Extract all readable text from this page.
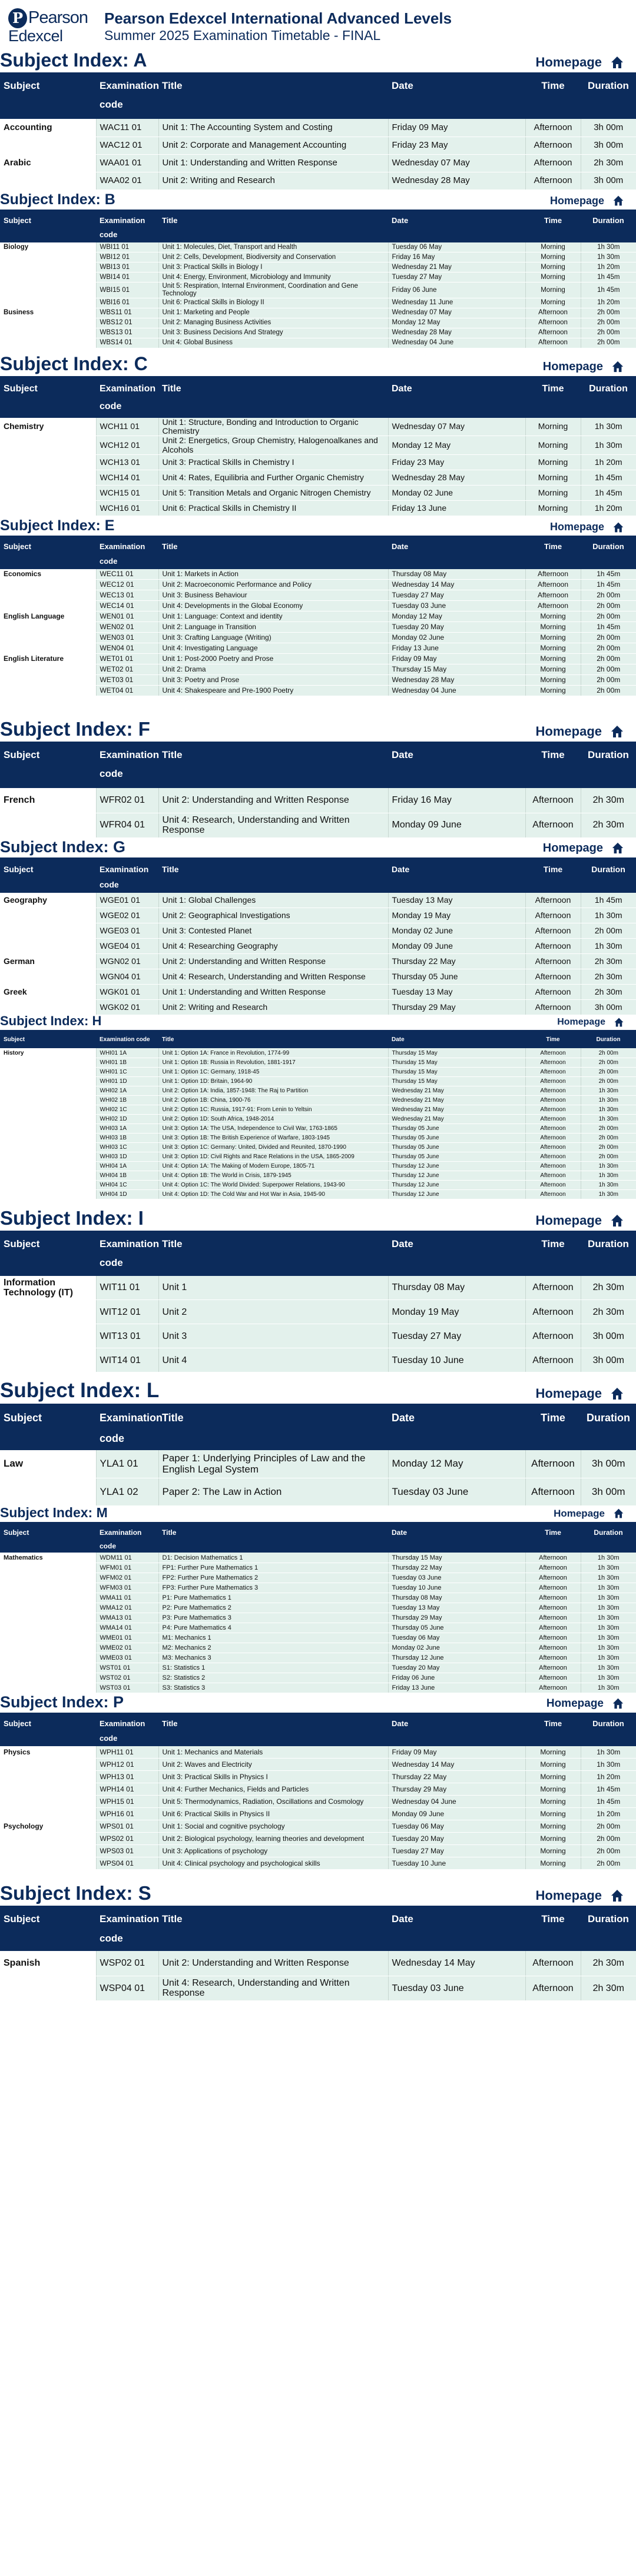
P Pearson
Edexcel
Pearson Edexcel International Advanced Levels
Summer 2025 Examination Timetable - FINAL
Subject Index: A	Homepage
Subject	Examination code	Title	Date	Time	Duration
Accounting	WAC11 01	Unit 1: The Accounting System and Costing	Friday 09 May	Afternoon	3h 00m
	WAC12 01	Unit 2: Corporate and Management Accounting	Friday 23 May	Afternoon	3h 00m
Arabic	WAA01 01	Unit 1: Understanding and Written Response	Wednesday 07 May	Afternoon	2h 30m
	WAA02 01	Unit 2: Writing and Research	Wednesday 28 May	Afternoon	3h 00m
Subject Index: B	Homepage
Subject	Examination code	Title	Date	Time	Duration
Biology	WBI11 01	Unit 1: Molecules, Diet, Transport and Health	Tuesday 06 May	Morning	1h 30m
	WBI12 01	Unit 2: Cells, Development, Biodiversity and Conservation	Friday 16 May	Morning	1h 30m
	WBI13 01	Unit 3: Practical Skills in Biology I	Wednesday 21 May	Morning	1h 20m
	WBI14 01	Unit 4: Energy, Environment, Microbiology and Immunity	Tuesday 27 May	Morning	1h 45m
	WBI15 01	Unit 5: Respiration, Internal Environment, Coordination and Gene Technology	Friday 06 June	Morning	1h 45m
	WBI16 01	Unit 6: Practical Skills in Biology II	Wednesday 11 June	Morning	1h 20m
Business	WBS11 01	Unit 1: Marketing and People	Wednesday 07 May	Afternoon	2h 00m
	WBS12 01	Unit 2: Managing Business Activities	Monday 12 May	Afternoon	2h 00m
	WBS13 01	Unit 3: Business Decisions And Strategy	Wednesday 28 May	Afternoon	2h 00m
	WBS14 01	Unit 4: Global Business	Wednesday 04 June	Afternoon	2h 00m
Subject Index: C	Homepage
Subject	Examination code	Title	Date	Time	Duration
Chemistry	WCH11 01	Unit 1: Structure, Bonding and Introduction to Organic Chemistry	Wednesday 07 May	Morning	1h 30m
	WCH12 01	Unit 2: Energetics, Group Chemistry, Halogenoalkanes and Alcohols	Monday 12 May	Morning	1h 30m
	WCH13 01	Unit 3: Practical Skills in Chemistry I	Friday 23 May	Morning	1h 20m
	WCH14 01	Unit 4: Rates, Equilibria and Further Organic Chemistry	Wednesday 28 May	Morning	1h 45m
	WCH15 01	Unit 5: Transition Metals and Organic Nitrogen Chemistry	Monday 02 June	Morning	1h 45m
	WCH16 01	Unit 6: Practical Skills in Chemistry II	Friday 13 June	Morning	1h 20m
Subject Index: E	Homepage
Subject	Examination code	Title	Date	Time	Duration
Economics	WEC11 01	Unit 1: Markets in Action	Thursday 08 May	Afternoon	1h 45m
	WEC12 01	Unit 2: Macroeconomic Performance and Policy	Wednesday 14 May	Afternoon	1h 45m
	WEC13 01	Unit 3: Business Behaviour	Tuesday 27 May	Afternoon	2h 00m
	WEC14 01	Unit 4: Developments in the Global Economy	Tuesday 03 June	Afternoon	2h 00m
English Language	WEN01 01	Unit 1: Language: Context and identity	Monday 12 May	Morning	2h 00m
	WEN02 01	Unit 2: Language in Transition	Tuesday 20 May	Morning	1h 45m
	WEN03 01	Unit 3: Crafting Language (Writing)	Monday 02 June	Morning	2h 00m
	WEN04 01	Unit 4: Investigating Language	Friday 13 June	Morning	2h 00m
English Literature	WET01 01	Unit 1: Post-2000 Poetry and Prose	Friday 09 May	Morning	2h 00m
	WET02 01	Unit 2: Drama	Thursday 15 May	Morning	2h 00m
	WET03 01	Unit 3: Poetry and Prose	Wednesday 28 May	Morning	2h 00m
	WET04 01	Unit 4: Shakespeare and Pre-1900 Poetry	Wednesday 04 June	Morning	2h 00m
Subject Index: F	Homepage
Subject	Examination code	Title	Date	Time	Duration
French	WFR02 01	Unit 2: Understanding and Written Response	Friday 16 May	Afternoon	2h 30m
	WFR04 01	Unit 4: Research, Understanding and Written Response	Monday 09 June	Afternoon	2h 30m
Subject Index: G	Homepage
Subject	Examination code	Title	Date	Time	Duration
Geography	WGE01 01	Unit 1: Global Challenges	Tuesday 13 May	Afternoon	1h 45m
	WGE02 01	Unit 2: Geographical Investigations	Monday 19 May	Afternoon	1h 30m
	WGE03 01	Unit 3: Contested Planet	Monday 02 June	Afternoon	2h 00m
	WGE04 01	Unit 4: Researching Geography	Monday 09 June	Afternoon	1h 30m
German	WGN02 01	Unit 2: Understanding and Written Response	Thursday 22 May	Afternoon	2h 30m
	WGN04 01	Unit 4: Research, Understanding and Written Response	Thursday 05 June	Afternoon	2h 30m
Greek	WGK01 01	Unit 1: Understanding and Written Response	Tuesday 13 May	Afternoon	2h 30m
	WGK02 01	Unit 2: Writing and Research	Thursday 29 May	Afternoon	3h 00m
Subject Index: H	Homepage
Subject	Examination code	Title	Date	Time	Duration
History	WHI01 1A	Unit 1: Option 1A: France in Revolution, 1774-99	Thursday 15 May	Afternoon	2h 00m
	WHI01 1B	Unit 1: Option 1B: Russia in Revolution, 1881-1917	Thursday 15 May	Afternoon	2h 00m
	WHI01 1C	Unit 1: Option 1C: Germany, 1918-45	Thursday 15 May	Afternoon	2h 00m
	WHI01 1D	Unit 1: Option 1D: Britain, 1964-90	Thursday 15 May	Afternoon	2h 00m
	WHI02 1A	Unit 2: Option 1A: India, 1857-1948: The Raj to Partition	Wednesday 21 May	Afternoon	1h 30m
	WHI02 1B	Unit 2: Option 1B: China, 1900-76	Wednesday 21 May	Afternoon	1h 30m
	WHI02 1C	Unit 2: Option 1C: Russia, 1917-91: From Lenin to Yeltsin	Wednesday 21 May	Afternoon	1h 30m
	WHI02 1D	Unit 2: Option 1D: South Africa, 1948-2014	Wednesday 21 May	Afternoon	1h 30m
	WHI03 1A	Unit 3: Option 1A: The USA, Independence to Civil War, 1763-1865	Thursday 05 June	Afternoon	2h 00m
	WHI03 1B	Unit 3: Option 1B: The British Experience of Warfare, 1803-1945	Thursday 05 June	Afternoon	2h 00m
	WHI03 1C	Unit 3: Option 1C: Germany: United, Divided and Reunited, 1870-1990	Thursday 05 June	Afternoon	2h 00m
	WHI03 1D	Unit 3: Option 1D: Civil Rights and Race Relations in the USA, 1865-2009	Thursday 05 June	Afternoon	2h 00m
	WHI04 1A	Unit 4: Option 1A: The Making of Modern Europe, 1805-71	Thursday 12 June	Afternoon	1h 30m
	WHI04 1B	Unit 4: Option 1B: The World in Crisis, 1879-1945	Thursday 12 June	Afternoon	1h 30m
	WHI04 1C	Unit 4: Option 1C: The World Divided: Superpower Relations, 1943-90	Thursday 12 June	Afternoon	1h 30m
	WHI04 1D	Unit 4: Option 1D: The Cold War and Hot War in Asia, 1945-90	Thursday 12 June	Afternoon	1h 30m
Subject Index: I	Homepage
Subject	Examination code	Title	Date	Time	Duration
Information Technology (IT)	WIT11 01	Unit 1	Thursday 08 May	Afternoon	2h 30m
	WIT12 01	Unit 2	Monday 19 May	Afternoon	2h 30m
	WIT13 01	Unit 3	Tuesday 27 May	Afternoon	3h 00m
	WIT14 01	Unit 4	Tuesday 10 June	Afternoon	3h 00m
Subject Index: L	Homepage
Subject	Examination code	Title	Date	Time	Duration
Law	YLA1 01	Paper 1: Underlying Principles of Law and the English Legal System	Monday 12 May	Afternoon	3h 00m
	YLA1 02	Paper 2: The Law in Action	Tuesday 03 June	Afternoon	3h 00m
Subject Index: M	Homepage
Subject	Examination code	Title	Date	Time	Duration
Mathematics	WDM11 01	D1: Decision Mathematics 1	Thursday 15 May	Afternoon	1h 30m
	WFM01 01	FP1: Further Pure Mathematics 1	Thursday 22 May	Afternoon	1h 30m
	WFM02 01	FP2: Further Pure Mathematics 2	Tuesday 03 June	Afternoon	1h 30m
	WFM03 01	FP3: Further Pure Mathematics 3	Tuesday 10 June	Afternoon	1h 30m
	WMA11 01	P1: Pure Mathematics 1	Thursday 08 May	Afternoon	1h 30m
	WMA12 01	P2: Pure Mathematics 2	Tuesday 13 May	Afternoon	1h 30m
	WMA13 01	P3: Pure Mathematics 3	Thursday 29 May	Afternoon	1h 30m
	WMA14 01	P4: Pure Mathematics 4	Thursday 05 June	Afternoon	1h 30m
	WME01 01	M1: Mechanics 1	Tuesday 06 May	Afternoon	1h 30m
	WME02 01	M2: Mechanics 2	Monday 02 June	Afternoon	1h 30m
	WME03 01	M3: Mechanics 3	Thursday 12 June	Afternoon	1h 30m
	WST01 01	S1: Statistics 1	Tuesday 20 May	Afternoon	1h 30m
	WST02 01	S2: Statistics 2	Friday 06 June	Afternoon	1h 30m
	WST03 01	S3: Statistics 3	Friday 13 June	Afternoon	1h 30m
Subject Index: P	Homepage
Subject	Examination code	Title	Date	Time	Duration
Physics	WPH11 01	Unit 1: Mechanics and Materials	Friday 09 May	Morning	1h 30m
	WPH12 01	Unit 2: Waves and Electricity	Wednesday 14 May	Morning	1h 30m
	WPH13 01	Unit 3: Practical Skills in Physics I	Thursday 22 May	Morning	1h 20m
	WPH14 01	Unit 4: Further Mechanics, Fields and Particles	Thursday 29 May	Morning	1h 45m
	WPH15 01	Unit 5: Thermodynamics, Radiation, Oscillations and Cosmology	Wednesday 04 June	Morning	1h 45m
	WPH16 01	Unit 6: Practical Skills in Physics II	Monday 09 June	Morning	1h 20m
Psychology	WPS01 01	Unit 1: Social and cognitive psychology	Tuesday 06 May	Morning	2h 00m
	WPS02 01	Unit 2: Biological psychology, learning theories and development	Tuesday 20 May	Morning	2h 00m
	WPS03 01	Unit 3: Applications of psychology	Tuesday 27 May	Morning	2h 00m
	WPS04 01	Unit 4: Clinical psychology and psychological skills	Tuesday 10 June	Morning	2h 00m
Subject Index: S	Homepage
Subject	Examination code	Title	Date	Time	Duration
Spanish	WSP02 01	Unit 2: Understanding and Written Response	Wednesday 14 May	Afternoon	2h 30m
	WSP04 01	Unit 4: Research, Understanding and Written Response	Tuesday 03 June	Afternoon	2h 30m
